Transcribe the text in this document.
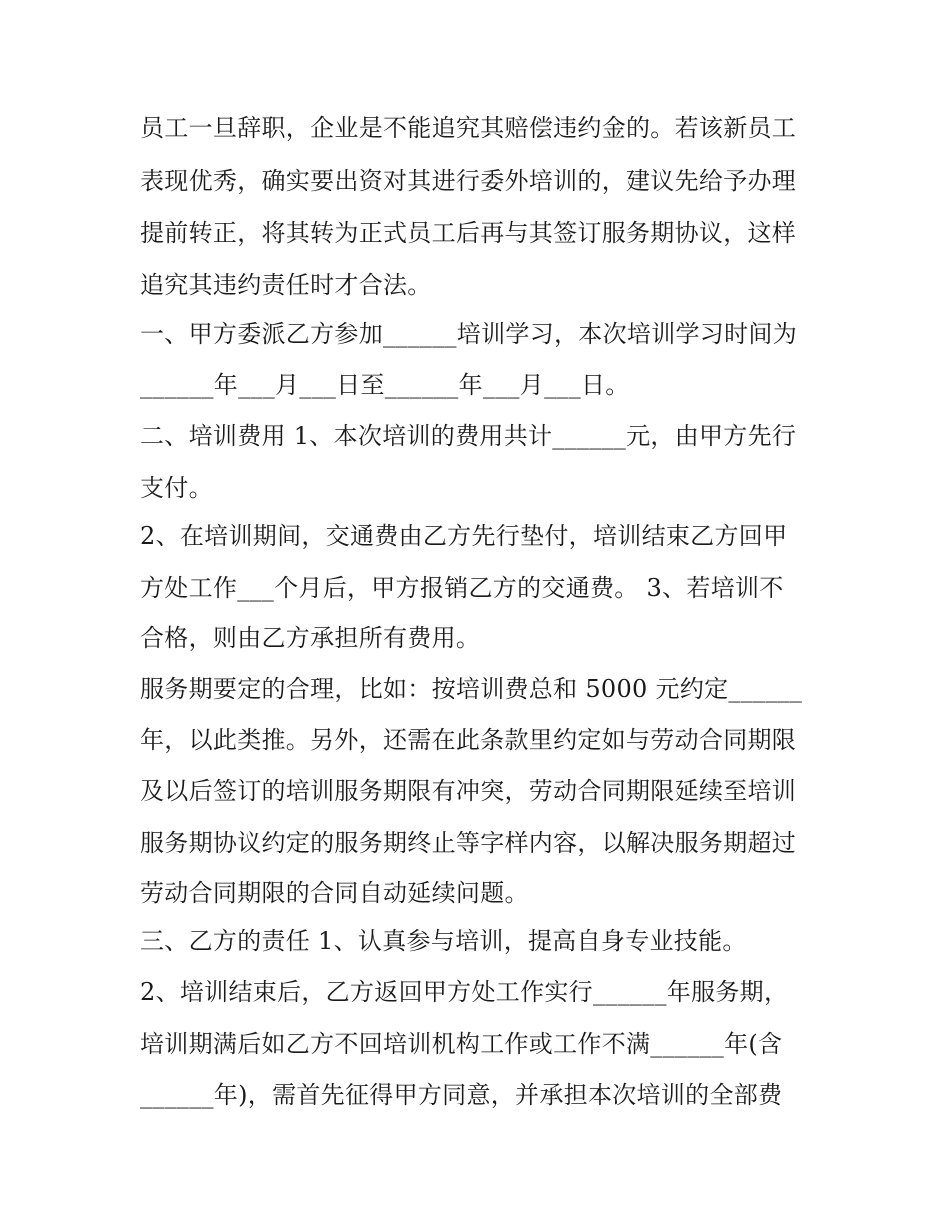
员工一旦辞职，企业是不能追究其赔偿违约金的。若该新员工
表现优秀，确实要出资对其进行委外培训的，建议先给予办理
提前转正，将其转为正式员工后再与其签订服务期协议，这样
追究其违约责任时才合法。
一、甲方委派乙方参加______培训学习，本次培训学习时间为
______年___月___日至______年___月___日。
二、培训费用 1、本次培训的费用共计______元，由甲方先行
支付。
2、在培训期间，交通费由乙方先行垫付，培训结束乙方回甲
方处工作___个月后，甲方报销乙方的交通费。 3、若培训不
合格，则由乙方承担所有费用。
服务期要定的合理，比如：按培训费总和 5000 元约定______
年，以此类推。另外，还需在此条款里约定如与劳动合同期限
及以后签订的培训服务期限有冲突，劳动合同期限延续至培训
服务期协议约定的服务期终止等字样内容，以解决服务期超过
劳动合同期限的合同自动延续问题。
三、乙方的责任 1、认真参与培训，提高自身专业技能。
2、培训结束后，乙方返回甲方处工作实行______年服务期，
培训期满后如乙方不回培训机构工作或工作不满______年(含
______年)，需首先征得甲方同意，并承担本次培训的全部费
